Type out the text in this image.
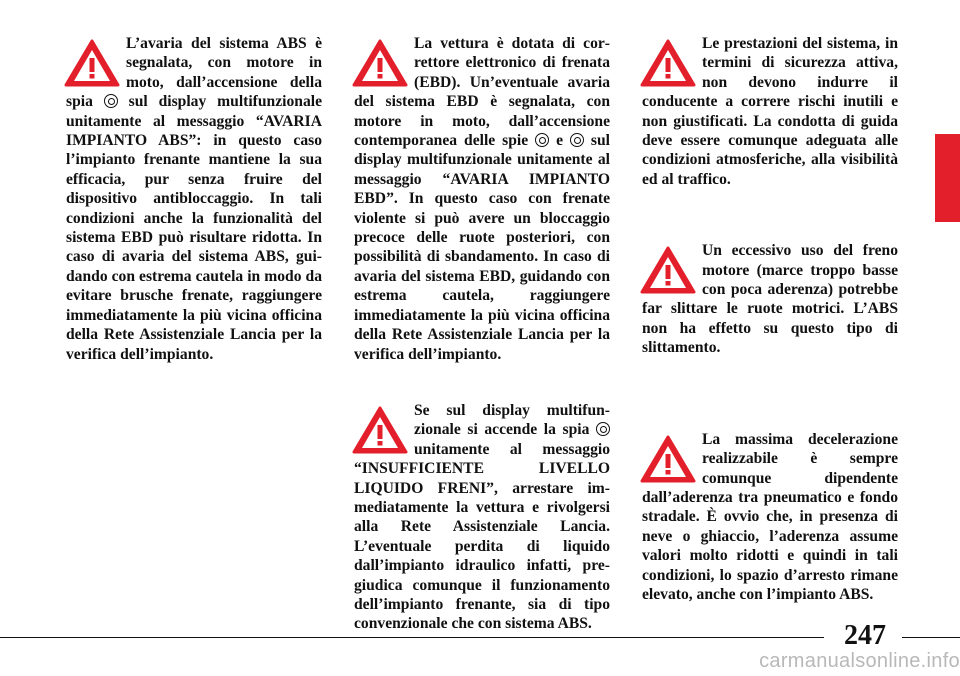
L’avaria del sistema ABS è segnalata, con motore in moto, dall’accensione della spia  sul display multifunzionale unitamente al messaggio “AVARIA IMPIANTO ABS”: in questo caso l’impianto frenante mantiene la sua efficacia, pur senza fruire del dispositivo antibloccaggio. In tali condizioni anche la funzionalità del sistema EBD può risultare ridotta. In caso di avaria del sistema ABS, guidando con estrema cautela in modo da evitare brusche frenate, raggiungere immediatamente la più vicina officina della Rete Assistenziale Lancia per la verifica dell’impianto.

La vettura è dotata di correttore elettronico di frenata (EBD). Un’eventuale avaria del sistema EBD è segnalata, con motore in moto, dall’accensione contemporanea delle spie  e  sul display multifunzionale unitamente al messaggio “AVARIA IMPIANTO EBD”. In questo caso con frenate violente si può avere un bloccaggio precoce delle ruote posteriori, con possibilità di sbandamento. In caso di avaria del sistema EBD, guidando con estrema cautela, raggiungere immediatamente la più vicina officina della Rete Assistenziale Lancia per la verifica dell’impianto.

Se sul display multifunzionale si accende la spia  unitamente al messaggio “INSUFFICIENTE LIVELLO LIQUIDO FRENI”, arrestare immediatamente la vettura e rivolgersi alla Rete Assistenziale Lancia. L’eventuale perdita di liquido dall’impianto idraulico infatti, pregiudica comunque il funzionamento dell’impianto frenante, sia di tipo convenzionale che con sistema ABS.

Le prestazioni del sistema, in termini di sicurezza attiva, non devono indurre il conducente a correre rischi inutili e non giustificati. La condotta di guida deve essere comunque adeguata alle condizioni atmosferiche, alla visibilità ed al traffico.

Un eccessivo uso del freno motore (marce troppo basse con poca aderenza) potrebbe far slittare le ruote motrici. L’ABS non ha effetto su questo tipo di slittamento.

La massima decelerazione realizzabile è sempre comunque dipendente dall’aderenza tra pneumatico e fondo stradale. È ovvio che, in presenza di neve o ghiaccio, l’aderenza assume valori molto ridotti e quindi in tali condizioni, lo spazio d’arresto rimane elevato, anche con l’impianto ABS.

247
carmanualsonline.info
